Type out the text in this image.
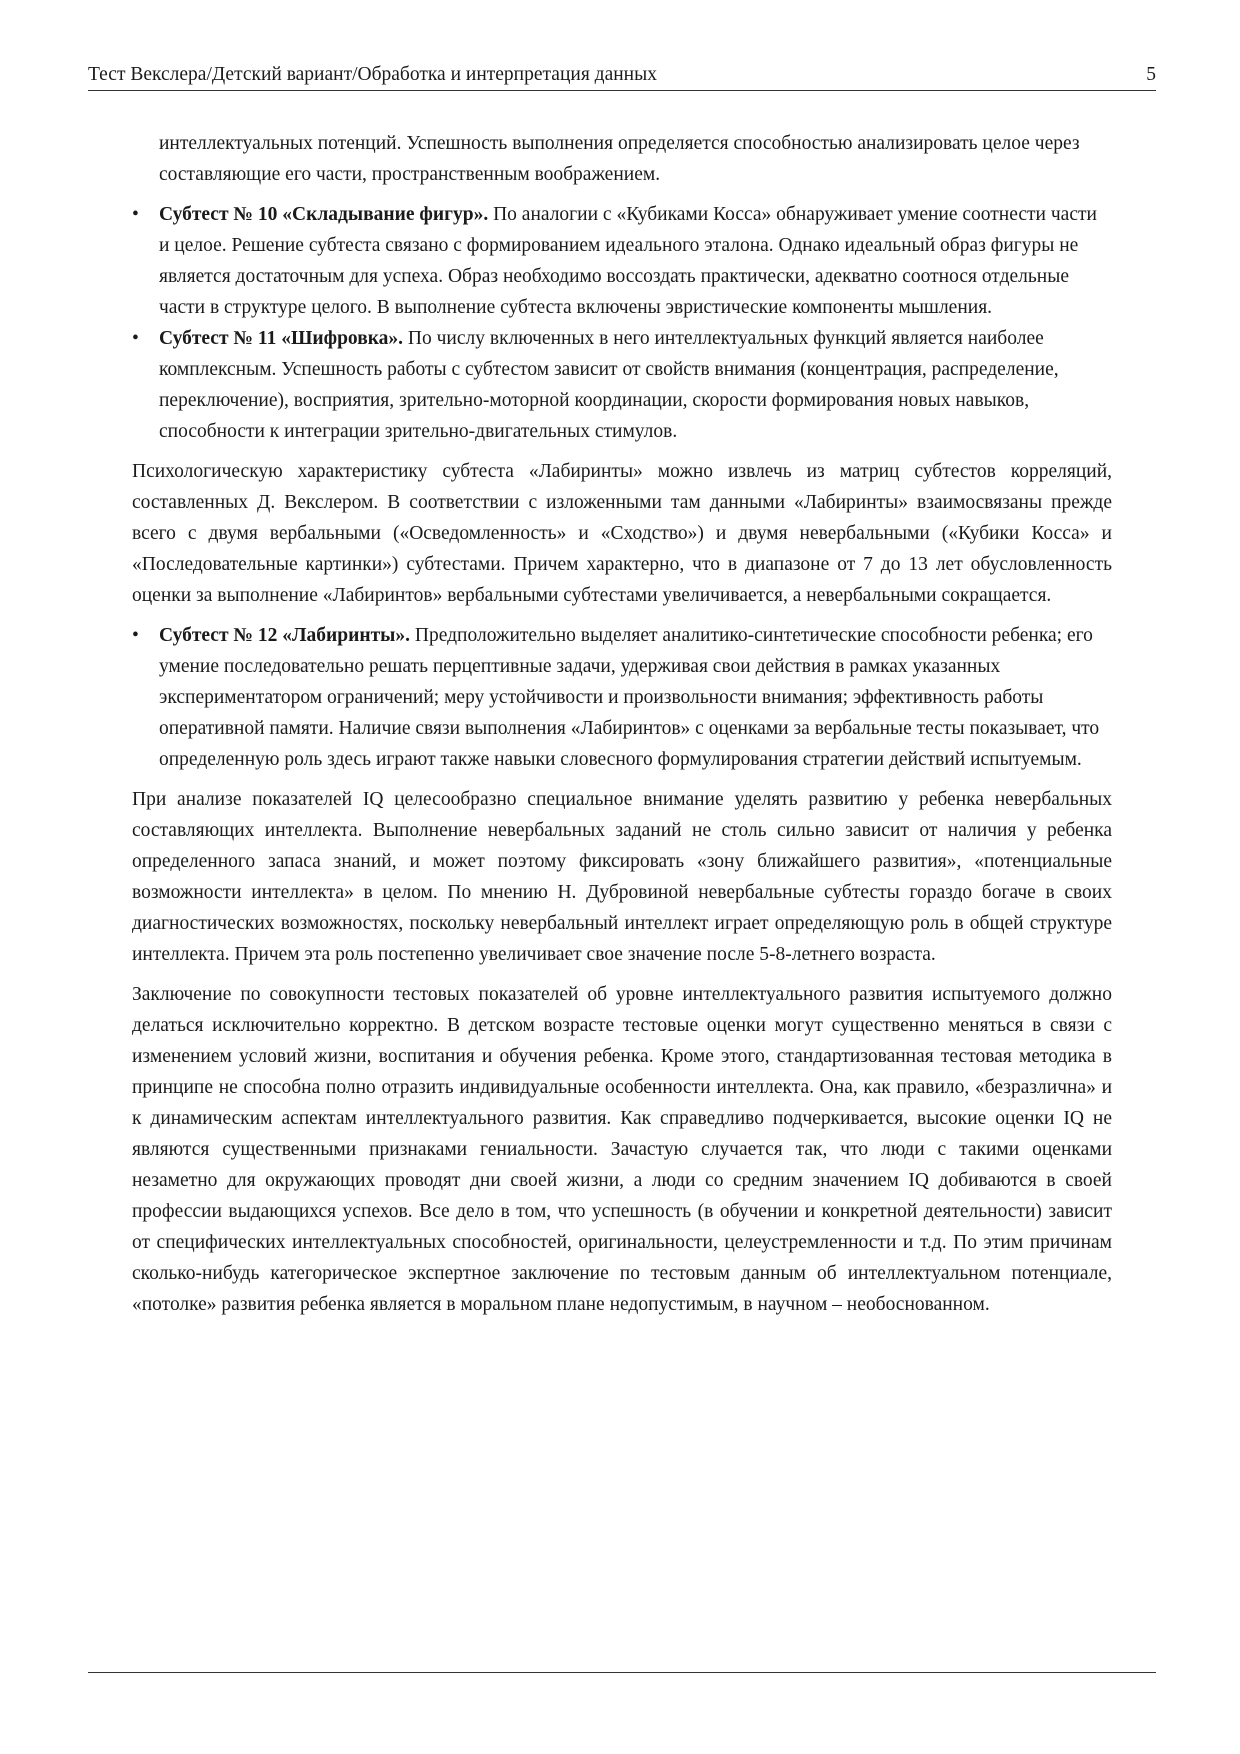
Тест Векслера/Детский вариант/Обработка и интерпретация данных	5

интеллектуальных потенций. Успешность выполнения определяется способностью анализировать целое через составляющие его части, пространственным воображением.

• Субтест № 10 «Складывание фигур». По аналогии с «Кубиками Косса» обнаруживает умение соотнести части и целое. Решение субтеста связано с формированием идеального эталона. Однако идеальный образ фигуры не является достаточным для успеха. Образ необходимо воссоздать практически, адекватно соотнося отдельные части в структуре целого. В выполнение субтеста включены эвристические компоненты мышления.
• Субтест № 11 «Шифровка». По числу включенных в него интеллектуальных функций является наиболее комплексным. Успешность работы с субтестом зависит от свойств внимания (концентрация, распределение, переключение), восприятия, зрительно-моторной координации, скорости формирования новых навыков, способности к интеграции зрительно-двигательных стимулов.

Психологическую характеристику субтеста «Лабиринты» можно извлечь из матриц субтестов корреляций, составленных Д. Векслером. В соответствии с изложенными там данными «Лабиринты» взаимосвязаны прежде всего с двумя вербальными («Осведомленность» и «Сходство») и двумя невербальными («Кубики Косса» и «Последовательные картинки») субтестами. Причем характерно, что в диапазоне от 7 до 13 лет обусловленность оценки за выполнение «Лабиринтов» вербальными субтестами увеличивается, а невербальными сокращается.

• Субтест № 12 «Лабиринты». Предположительно выделяет аналитико-синтетические способности ребенка; его умение последовательно решать перцептивные задачи, удерживая свои действия в рамках указанных экспериментатором ограничений; меру устойчивости и произвольности внимания; эффективность работы оперативной памяти. Наличие связи выполнения «Лабиринтов» с оценками за вербальные тесты показывает, что определенную роль здесь играют также навыки словесного формулирования стратегии действий испытуемым.

При анализе показателей IQ целесообразно специальное внимание уделять развитию у ребенка невербальных составляющих интеллекта. Выполнение невербальных заданий не столь сильно зависит от наличия у ребенка определенного запаса знаний, и может поэтому фиксировать «зону ближайшего развития», «потенциальные возможности интеллекта» в целом. По мнению Н. Дубровиной невербальные субтесты гораздо богаче в своих диагностических возможностях, поскольку невербальный интеллект играет определяющую роль в общей структуре интеллекта. Причем эта роль постепенно увеличивает свое значение после 5-8-летнего возраста.

Заключение по совокупности тестовых показателей об уровне интеллектуального развития испытуемого должно делаться исключительно корректно. В детском возрасте тестовые оценки могут существенно меняться в связи с изменением условий жизни, воспитания и обучения ребенка. Кроме этого, стандартизованная тестовая методика в принципе не способна полно отразить индивидуальные особенности интеллекта. Она, как правило, «безразлична» и к динамическим аспектам интеллектуального развития. Как справедливо подчеркивается, высокие оценки IQ не являются существенными признаками гениальности. Зачастую случается так, что люди с такими оценками незаметно для окружающих проводят дни своей жизни, а люди со средним значением IQ добиваются в своей профессии выдающихся успехов. Все дело в том, что успешность (в обучении и конкретной деятельности) зависит от специфических интеллектуальных способностей, оригинальности, целеустремленности и т.д. По этим причинам сколько-нибудь категорическое экспертное заключение по тестовым данным об интеллектуальном потенциале, «потолке» развития ребенка является в моральном плане недопустимым, в научном – необоснованном.
